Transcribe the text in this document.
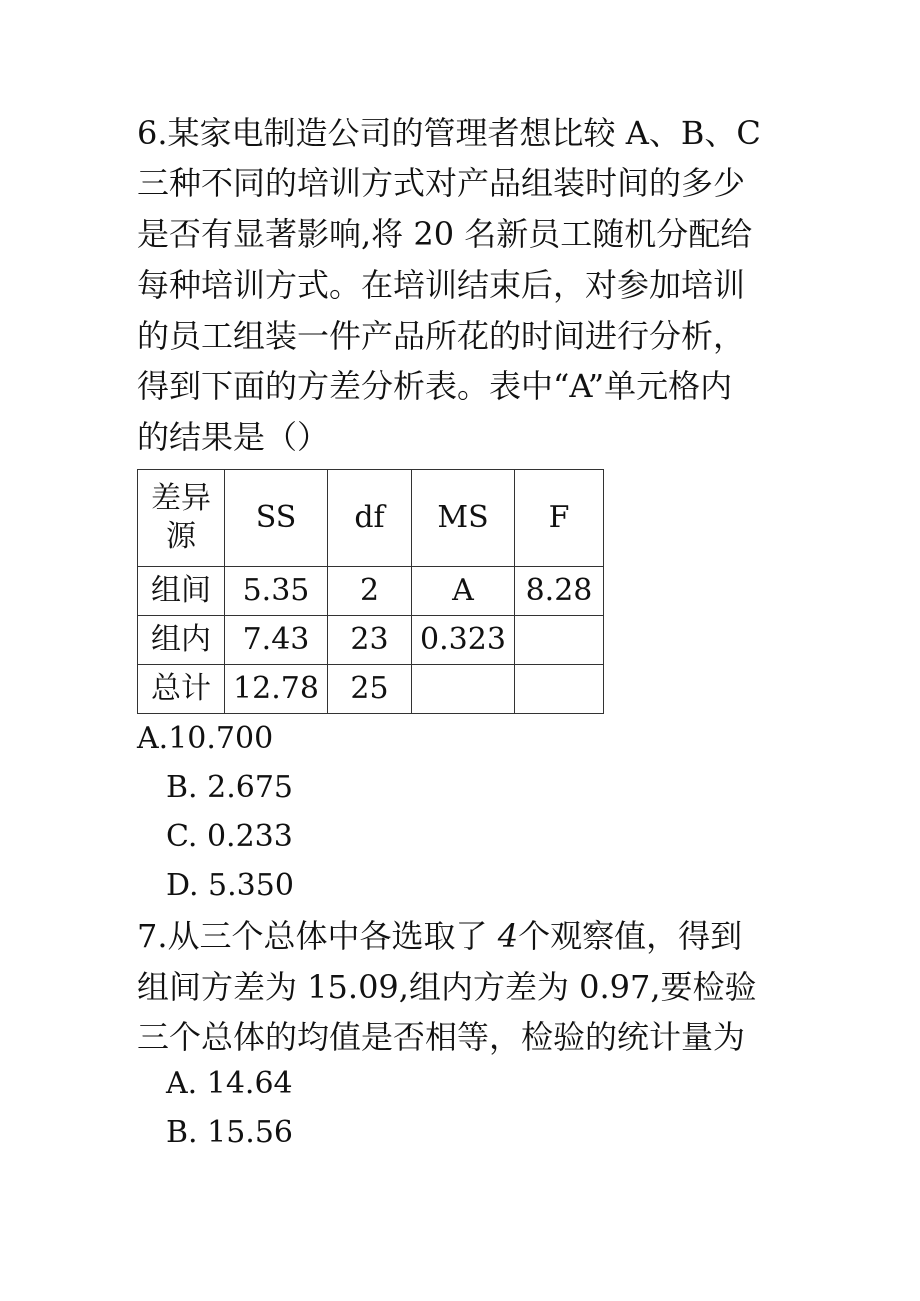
6.某家电制造公司的管理者想比较 A、B、C
三种不同的培训方式对产品组装时间的多少
是否有显著影响,将 20 名新员工随机分配给
每种培训方式。在培训结束后，对参加培训
的员工组装一件产品所花的时间进行分析，
得到下面的方差分析表。表中“A”单元格内
的结果是（）
差异源	SS	df	MS	F
组间	5.35	2	A	8.28
组内	7.43	23	0.323	
总计	12.78	25		
A.10.700
B. 2.675
C. 0.233
D. 5.350
7.从三个总体中各选取了 4个观察值，得到
组间方差为 15.09,组内方差为 0.97,要检验
三个总体的均值是否相等，检验的统计量为
A. 14.64
B. 15.56
